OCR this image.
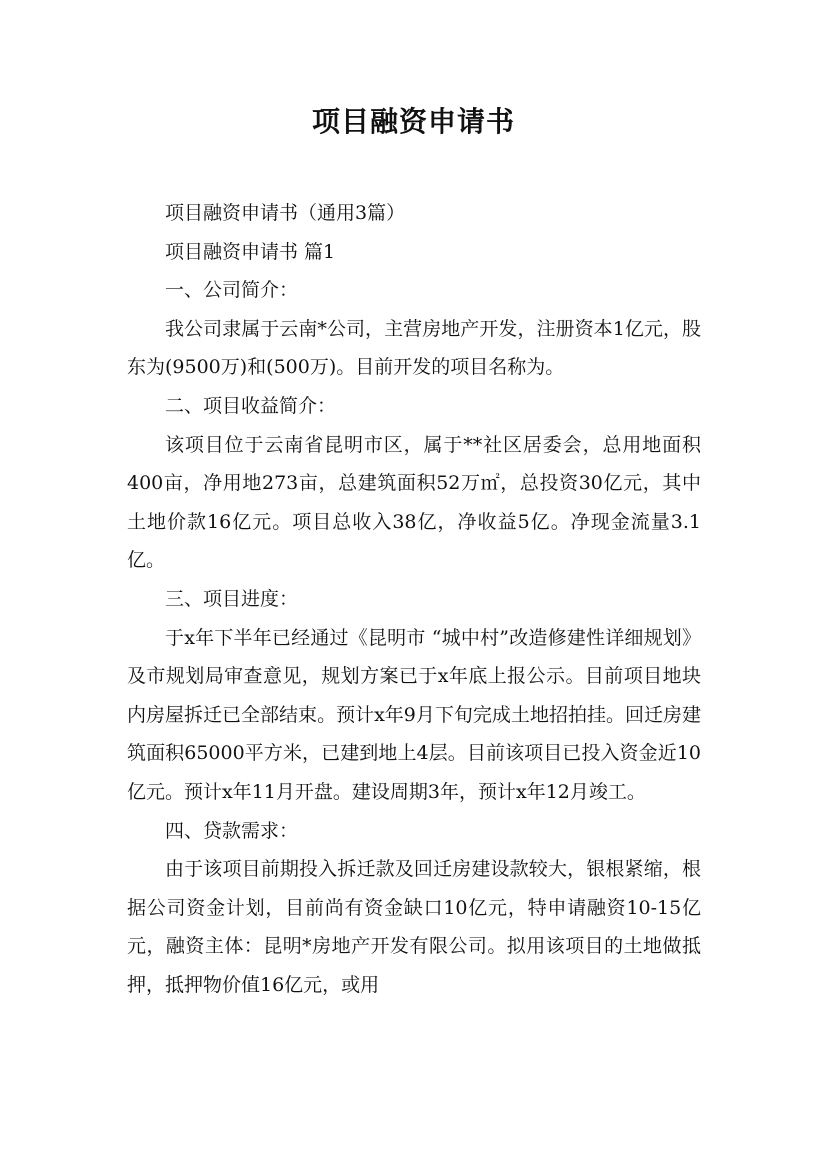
项目融资申请书

项目融资申请书（通用3篇）

项目融资申请书 篇1

一、公司简介：

我公司隶属于云南*公司，主营房地产开发，注册资本1亿元，股东为(9500万)和(500万)。目前开发的项目名称为。

二、项目收益简介：

该项目位于云南省昆明市区，属于**社区居委会，总用地面积400亩，净用地273亩，总建筑面积52万㎡，总投资30亿元，其中土地价款16亿元。项目总收入38亿，净收益5亿。净现金流量3.1亿。

三、项目进度：

于x年下半年已经通过《昆明市 “城中村”改造修建性详细规划》及市规划局审查意见，规划方案已于x年底上报公示。目前项目地块内房屋拆迁已全部结束。预计x年9月下旬完成土地招拍挂。回迁房建筑面积65000平方米，已建到地上4层。目前该项目已投入资金近10亿元。预计x年11月开盘。建设周期3年，预计x年12月竣工。

四、贷款需求：

由于该项目前期投入拆迁款及回迁房建设款较大，银根紧缩，根据公司资金计划，目前尚有资金缺口10亿元，特申请融资10-15亿元，融资主体：昆明*房地产开发有限公司。拟用该项目的土地做抵押，抵押物价值16亿元，或用
